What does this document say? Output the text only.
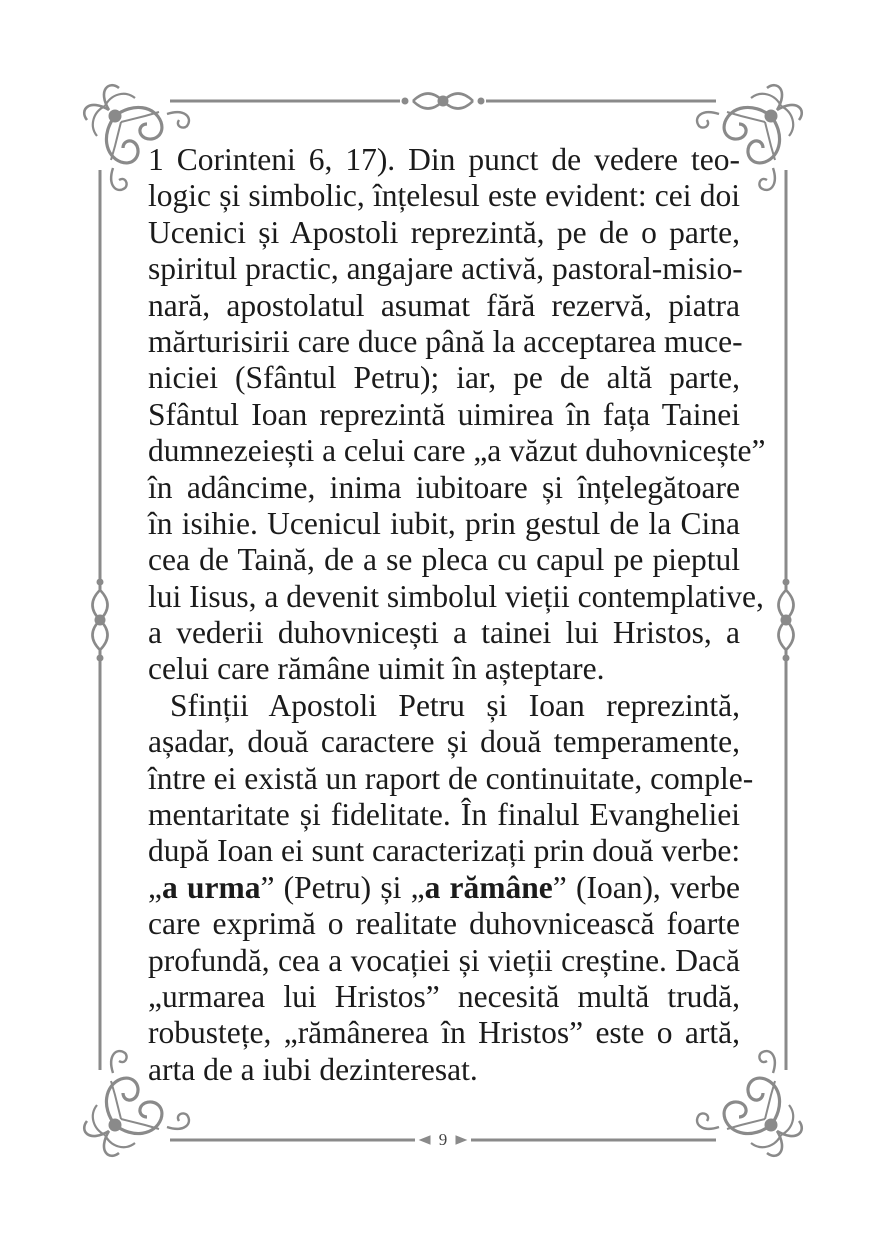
1 Corinteni 6, 17). Din punct de vedere teo-
logic și simbolic, înțelesul este evident: cei doi
Ucenici și Apostoli reprezintă, pe de o parte,
spiritul practic, angajare activă, pastoral-misio-
nară, apostolatul asumat fără rezervă, piatra
mărturisirii care duce până la acceptarea mucе-
niciei (Sfântul Petru); iar, pe de altă parte,
Sfântul Ioan reprezintă uimirea în fața Tainei
dumnezeiești a celui care „a văzut duhovnicește”
în adâncime, inima iubitoare și înțelegătoare
în isihie. Ucenicul iubit, prin gestul de la Cina
cea de Taină, de a se pleca cu capul pe pieptul
lui Iisus, a devenit simbolul vieții contemplative,
a vederii duhovnicești a tainei lui Hristos, a
celui care rămâne uimit în așteptare.
Sfinții Apostoli Petru și Ioan reprezintă,
așadar, două caractere și două temperamente,
între ei există un raport de continuitate, comple-
mentaritate și fidelitate. În finalul Evangheliei
după Ioan ei sunt caracterizați prin două verbe:
„a urma” (Petru) și „a rămâne” (Ioan), verbe
care exprimă o realitate duhovnicească foarte
profundă, cea a vocației și vieții creștine. Dacă
„urmarea lui Hristos” necesită multă trudă,
robustețe, „rămânerea în Hristos” este o artă,
arta de a iubi dezinteresat.
9
